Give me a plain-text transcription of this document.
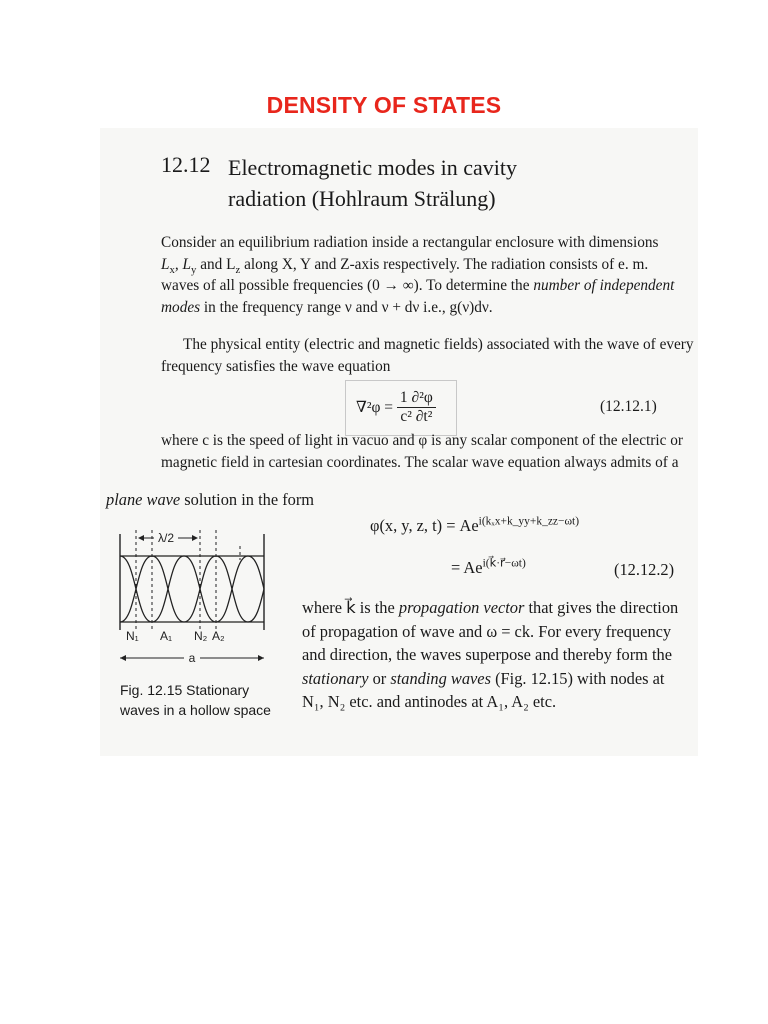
DENSITY OF STATES
12.12 Electromagnetic modes in cavity
radiation (Hohlraum Strälung)
Consider an equilibrium radiation inside a rectangular enclosure with dimensions
$L_x$, $L_y$ and $L_z$ along X, Y and Z-axis respectively. The radiation consists of e. m.
waves of all possible frequencies (0 → ∞). To determine the number of independent
modes in the frequency range ν and ν + dν i.e., g(ν)dν.
The physical entity (electric and magnetic fields) associated with the wave of every
frequency satisfies the wave equation
$\nabla^2\varphi = \frac{\text{1 ∂²φ}}{\text{c² ∂t²}}$	(12.12.1)
where c is the speed of light in vacuo and φ is any scalar component of the electric or
magnetic field in cartesian coordinates. The scalar wave equation always admits of a
plane wave solution in the form
φ(x, y, z, $t) = Ae^{i(k_xx+k\_yy+k\_zz-\omega t)}$
= $Ae^{i(k⃗\cdot r⃗-\omega t)}$	(12.12.2)
where k⃗ is the propagation vector that gives the direction
of propagation of wave and ω = ck. For every frequency
and direction, the waves superpose and thereby form the
stationary or standing waves (Fig. 12.15) with nodes at
N₁, N₂ etc. and antinodes at A₁, A₂ etc.
λ/2
N₁ A₁ N₂ A₂
a
Fig. 12.15 Stationary
waves in a hollow space
